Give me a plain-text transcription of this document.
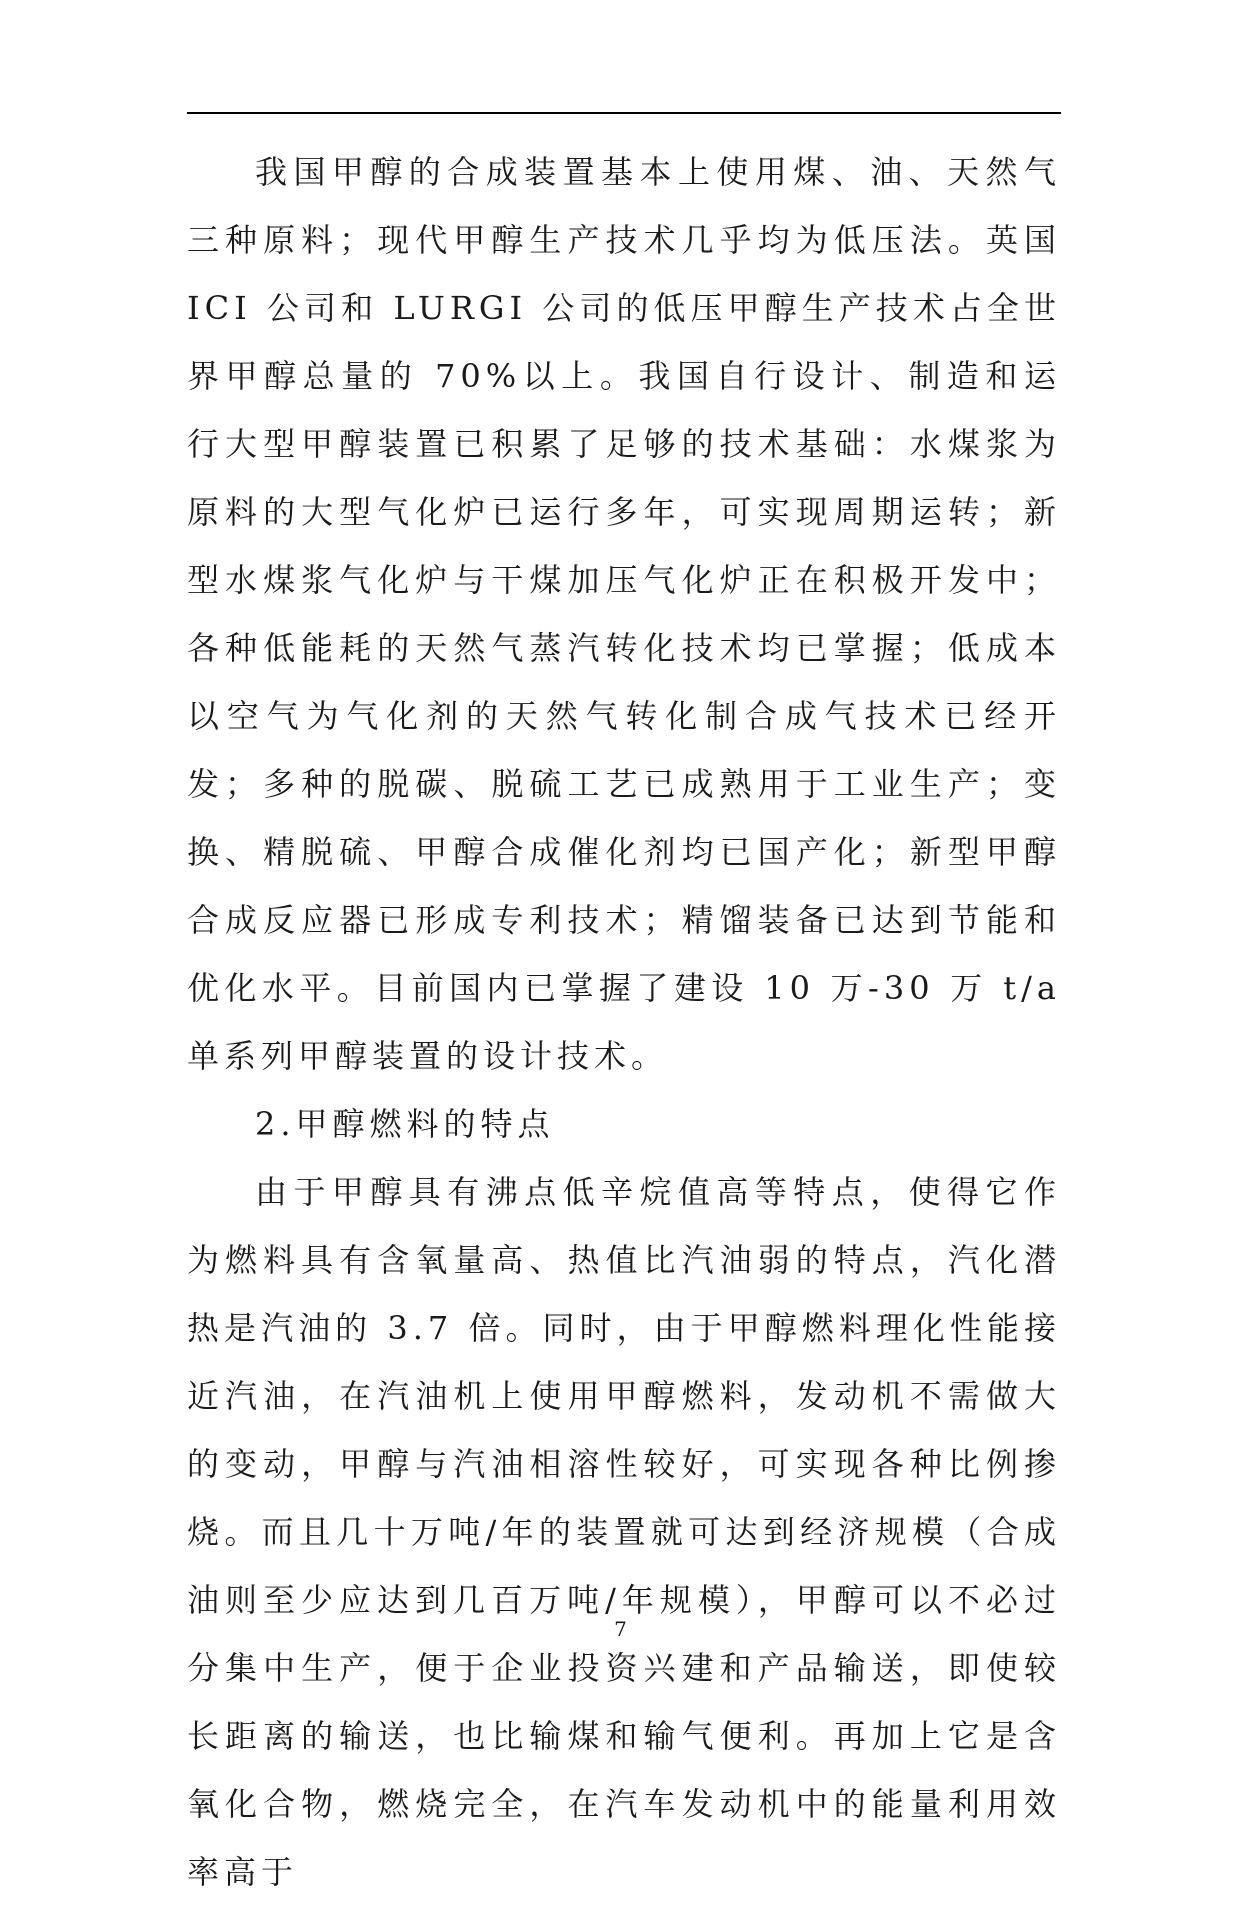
我国甲醇的合成装置基本上使用煤、油、天然气三种原料；现代甲醇生产技术几乎均为低压法。英国 ICI 公司和 LURGI 公司的低压甲醇生产技术占全世界甲醇总量的 70%以上。我国自行设计、制造和运行大型甲醇装置已积累了足够的技术基础：水煤浆为原料的大型气化炉已运行多年，可实现周期运转；新型水煤浆气化炉与干煤加压气化炉正在积极开发中；各种低能耗的天然气蒸汽转化技术均已掌握；低成本以空气为气化剂的天然气转化制合成气技术已经开发；多种的脱碳、脱硫工艺已成熟用于工业生产；变换、精脱硫、甲醇合成催化剂均已国产化；新型甲醇合成反应器已形成专利技术；精馏装备已达到节能和优化水平。目前国内已掌握了建设 10 万-30 万 t/a 单系列甲醇装置的设计技术。

2.甲醇燃料的特点

由于甲醇具有沸点低辛烷值高等特点，使得它作为燃料具有含氧量高、热值比汽油弱的特点，汽化潜热是汽油的 3.7 倍。同时，由于甲醇燃料理化性能接近汽油，在汽油机上使用甲醇燃料，发动机不需做大的变动，甲醇与汽油相溶性较好，可实现各种比例掺烧。而且几十万吨/年的装置就可达到经济规模（合成油则至少应达到几百万吨/年规模），甲醇可以不必过分集中生产，便于企业投资兴建和产品输送，即使较长距离的输送，也比输煤和输气便利。再加上它是含氧化合物，燃烧完全，在汽车发动机中的能量利用效率高于

7
